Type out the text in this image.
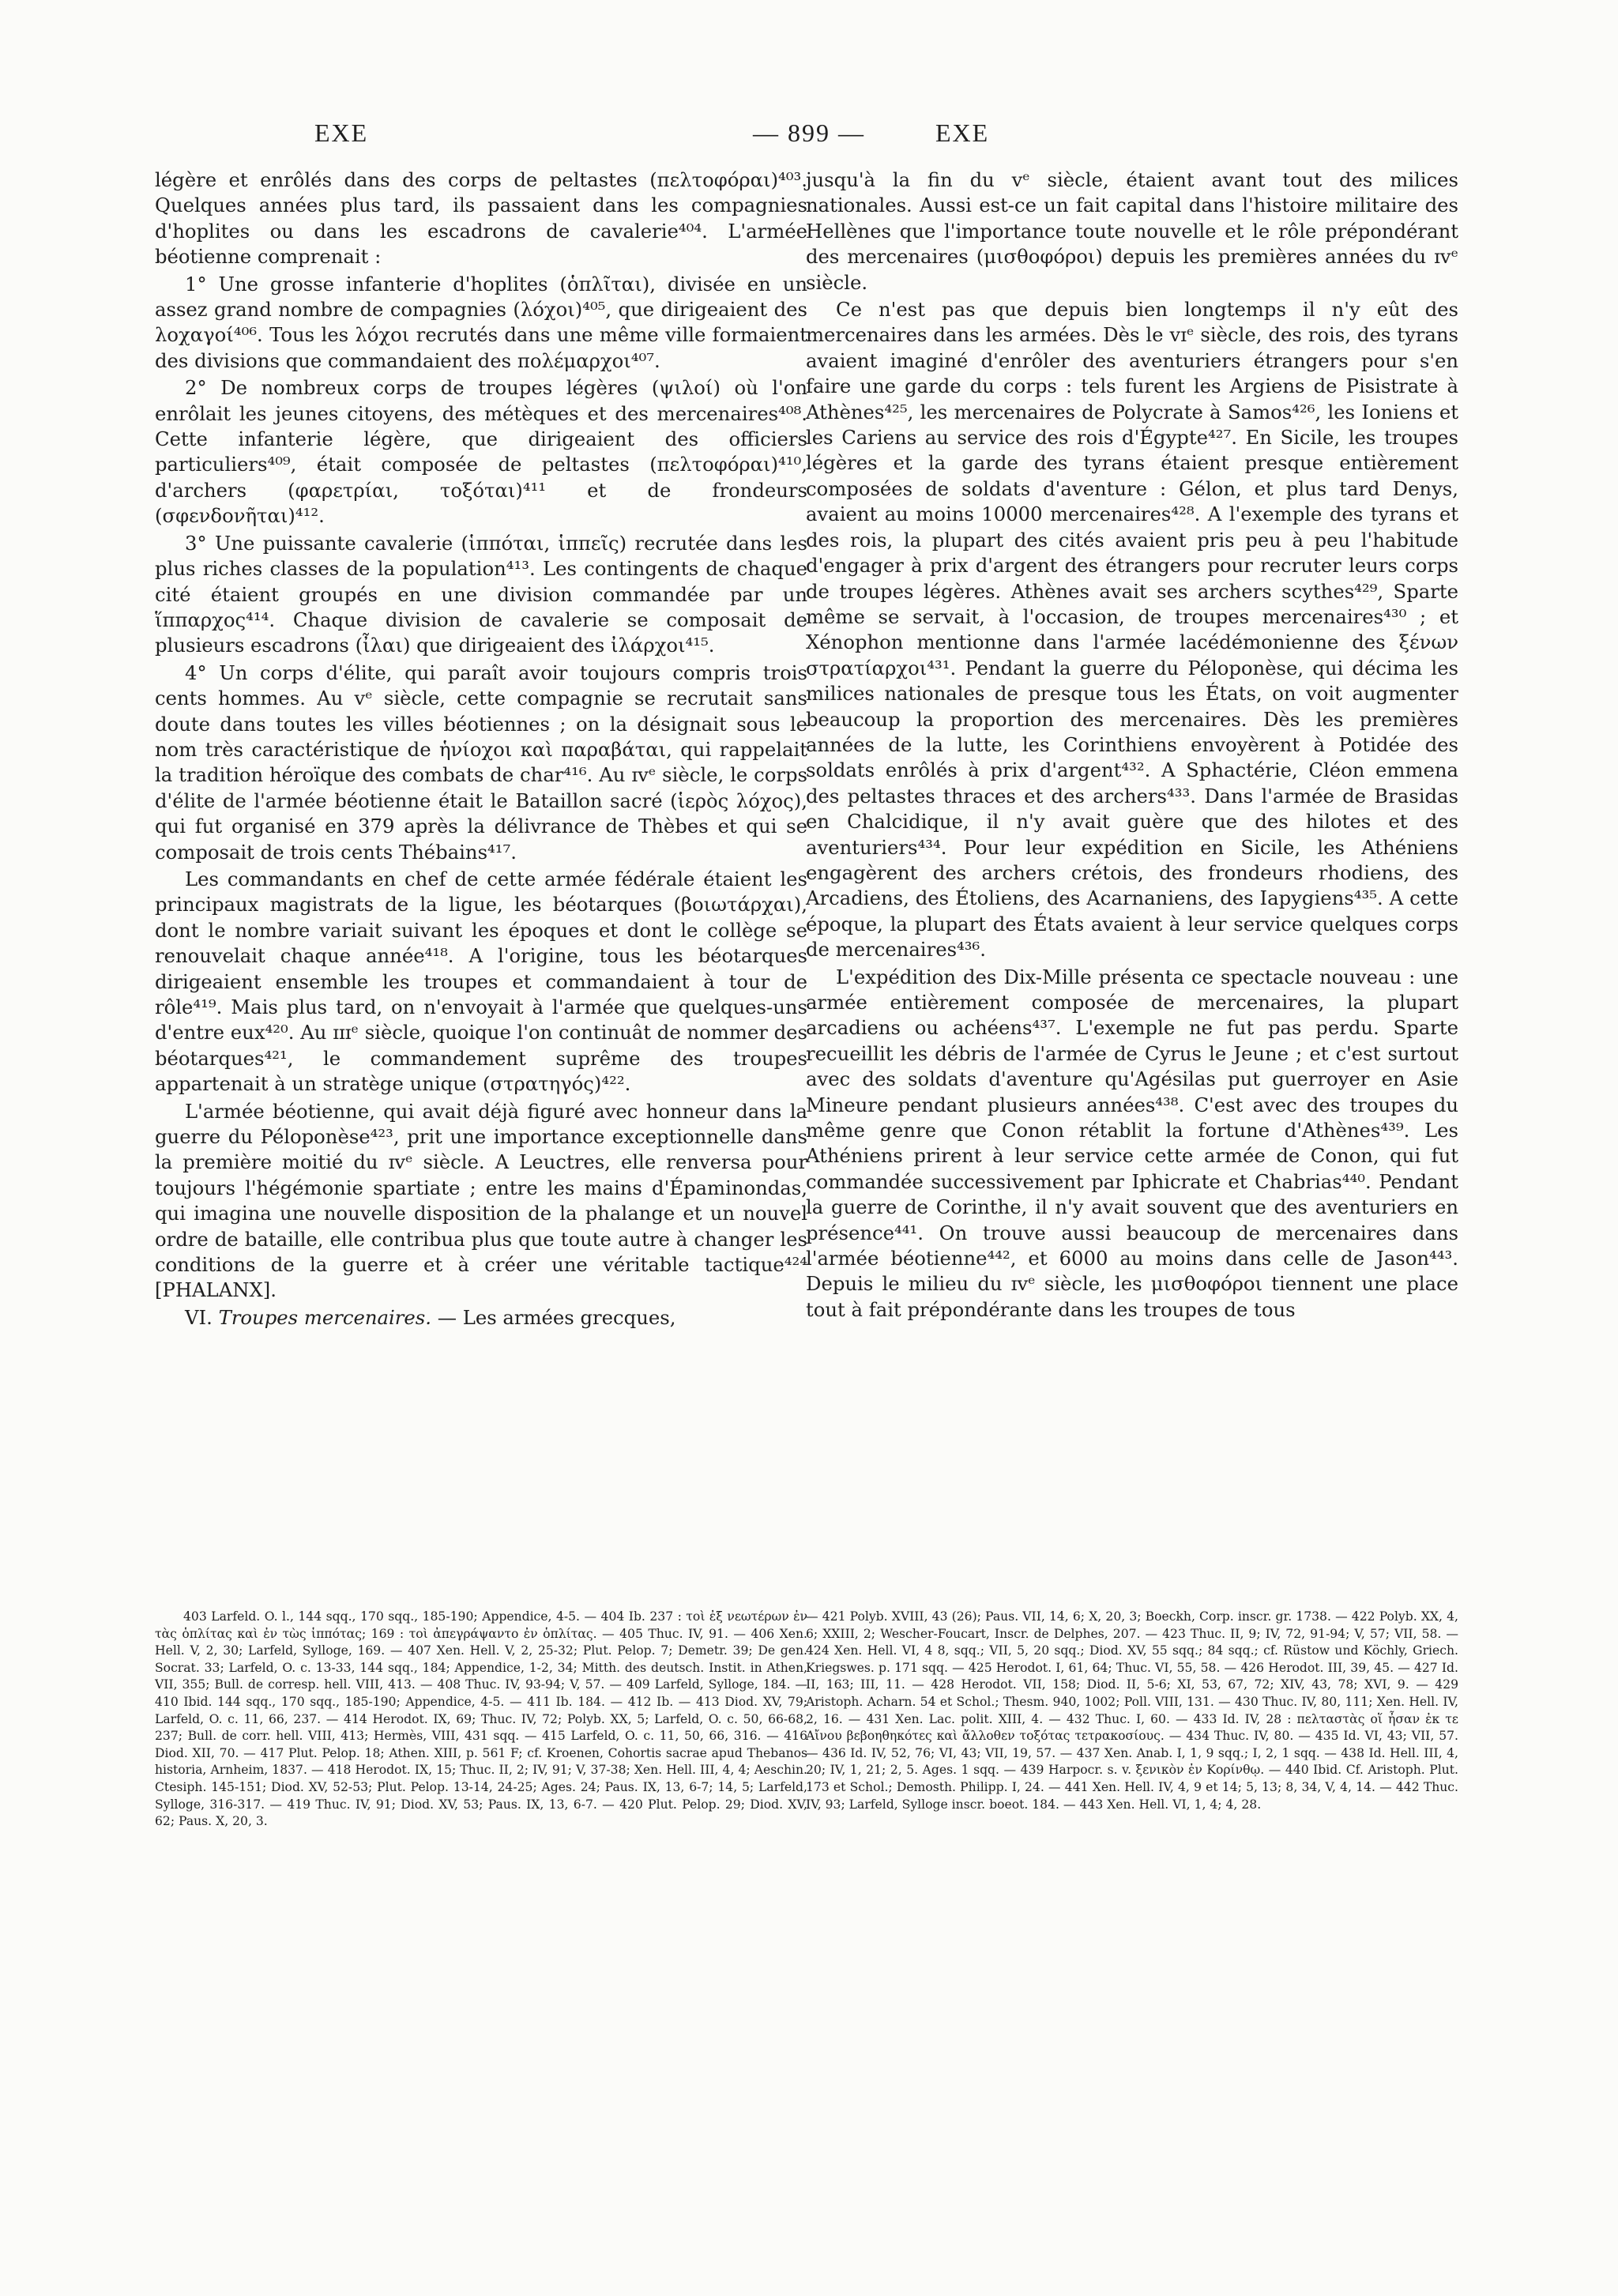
EXE	— 899 —	EXE

légère et enrôlés dans des corps de peltastes (πελτοφόραι)⁴⁰³. Quelques années plus tard, ils passaient dans les compagnies d'hoplites ou dans les escadrons de cavalerie⁴⁰⁴. L'armée béotienne comprenait :

1° Une grosse infanterie d'hoplites (ὁπλῖται), divisée en un assez grand nombre de compagnies (λόχοι)⁴⁰⁵, que dirigeaient des λοχαγοί⁴⁰⁶. Tous les λόχοι recrutés dans une même ville formaient des divisions que commandaient des πολέμαρχοι⁴⁰⁷.

2° De nombreux corps de troupes légères (ψιλοί) où l'on enrôlait les jeunes citoyens, des métèques et des mercenaires⁴⁰⁸. Cette infanterie légère, que dirigeaient des officiers particuliers⁴⁰⁹, était composée de peltastes (πελτοφόραι)⁴¹⁰, d'archers (φαρετρίαι, τοξόται)⁴¹¹ et de frondeurs (σφενδονῆται)⁴¹².

3° Une puissante cavalerie (ἱππόται, ἱππεῖς) recrutée dans les plus riches classes de la population⁴¹³. Les contingents de chaque cité étaient groupés en une division commandée par un ἵππαρχος⁴¹⁴. Chaque division de cavalerie se composait de plusieurs escadrons (ἶλαι) que dirigeaient des ἰλάρχοι⁴¹⁵.

4° Un corps d'élite, qui paraît avoir toujours compris trois cents hommes. Au vᵉ siècle, cette compagnie se recrutait sans doute dans toutes les villes béotiennes ; on la désignait sous le nom très caractéristique de ἡνίοχοι καὶ παραβάται, qui rappelait la tradition héroïque des combats de char⁴¹⁶. Au ɪᴠᵉ siècle, le corps d'élite de l'armée béotienne était le Bataillon sacré (ἱερὸς λόχος), qui fut organisé en 379 après la délivrance de Thèbes et qui se composait de trois cents Thébains⁴¹⁷.

Les commandants en chef de cette armée fédérale étaient les principaux magistrats de la ligue, les béotarques (βοιωτάρχαι), dont le nombre variait suivant les époques et dont le collège se renouvelait chaque année⁴¹⁸. A l'origine, tous les béotarques dirigeaient ensemble les troupes et commandaient à tour de rôle⁴¹⁹. Mais plus tard, on n'envoyait à l'armée que quelques-uns d'entre eux⁴²⁰. Au ɪɪɪᵉ siècle, quoique l'on continuât de nommer des béotarques⁴²¹, le commandement suprême des troupes appartenait à un stratège unique (στρατηγός)⁴²².

L'armée béotienne, qui avait déjà figuré avec honneur dans la guerre du Péloponèse⁴²³, prit une importance exceptionnelle dans la première moitié du ɪᴠᵉ siècle. A Leuctres, elle renversa pour toujours l'hégémonie spartiate ; entre les mains d'Épaminondas, qui imagina une nouvelle disposition de la phalange et un nouvel ordre de bataille, elle contribua plus que toute autre à changer les conditions de la guerre et à créer une véritable tactique⁴²⁴ [PHALANX].

VI. Troupes mercenaires. — Les armées grecques,

jusqu'à la fin du vᵉ siècle, étaient avant tout des milices nationales. Aussi est-ce un fait capital dans l'histoire militaire des Hellènes que l'importance toute nouvelle et le rôle prépondérant des mercenaires (μισθοφόροι) depuis les premières années du ɪᴠᵉ siècle.

Ce n'est pas que depuis bien longtemps il n'y eût des mercenaires dans les armées. Dès le ᴠɪᵉ siècle, des rois, des tyrans avaient imaginé d'enrôler des aventuriers étrangers pour s'en faire une garde du corps : tels furent les Argiens de Pisistrate à Athènes⁴²⁵, les mercenaires de Polycrate à Samos⁴²⁶, les Ioniens et les Cariens au service des rois d'Égypte⁴²⁷. En Sicile, les troupes légères et la garde des tyrans étaient presque entièrement composées de soldats d'aventure : Gélon, et plus tard Denys, avaient au moins 10000 mercenaires⁴²⁸. A l'exemple des tyrans et des rois, la plupart des cités avaient pris peu à peu l'habitude d'engager à prix d'argent des étrangers pour recruter leurs corps de troupes légères. Athènes avait ses archers scythes⁴²⁹, Sparte même se servait, à l'occasion, de troupes mercenaires⁴³⁰ ; et Xénophon mentionne dans l'armée lacédémonienne des ξένων στρατίαρχοι⁴³¹. Pendant la guerre du Péloponèse, qui décima les milices nationales de presque tous les États, on voit augmenter beaucoup la proportion des mercenaires. Dès les premières années de la lutte, les Corinthiens envoyèrent à Potidée des soldats enrôlés à prix d'argent⁴³². A Sphactérie, Cléon emmena des peltastes thraces et des archers⁴³³. Dans l'armée de Brasidas en Chalcidique, il n'y avait guère que des hilotes et des aventuriers⁴³⁴. Pour leur expédition en Sicile, les Athéniens engagèrent des archers crétois, des frondeurs rhodiens, des Arcadiens, des Étoliens, des Acarnaniens, des Iapygiens⁴³⁵. A cette époque, la plupart des États avaient à leur service quelques corps de mercenaires⁴³⁶.

L'expédition des Dix-Mille présenta ce spectacle nouveau : une armée entièrement composée de mercenaires, la plupart arcadiens ou achéens⁴³⁷. L'exemple ne fut pas perdu. Sparte recueillit les débris de l'armée de Cyrus le Jeune ; et c'est surtout avec des soldats d'aventure qu'Agésilas put guerroyer en Asie Mineure pendant plusieurs années⁴³⁸. C'est avec des troupes du même genre que Conon rétablit la fortune d'Athènes⁴³⁹. Les Athéniens prirent à leur service cette armée de Conon, qui fut commandée successivement par Iphicrate et Chabrias⁴⁴⁰. Pendant la guerre de Corinthe, il n'y avait souvent que des aventuriers en présence⁴⁴¹. On trouve aussi beaucoup de mercenaires dans l'armée béotienne⁴⁴², et 6000 au moins dans celle de Jason⁴⁴³. Depuis le milieu du ɪᴠᵉ siècle, les μισθοφόροι tiennent une place tout à fait prépondérante dans les troupes de tous

403 Larfeld. O. l., 144 sqq., 170 sqq., 185-190; Appendice, 4-5. — 404 Ib. 237 : τοὶ ἐξ νεωτέρων ἐν τὰς ὁπλίτας καὶ ἐν τὼς ἱππότας; 169 : τοὶ ἀπεγράψαντο ἐν ὁπλίτας. — 405 Thuc. IV, 91. — 406 Xen. Hell. V, 2, 30; Larfeld, Sylloge, 169. — 407 Xen. Hell. V, 2, 25-32; Plut. Pelop. 7; Demetr. 39; De gen. Socrat. 33; Larfeld, O. c. 13-33, 144 sqq., 184; Appendice, 1-2, 34; Mitth. des deutsch. Instit. in Athen, VII, 355; Bull. de corresp. hell. VIII, 413. — 408 Thuc. IV, 93-94; V, 57. — 409 Larfeld, Sylloge, 184. — 410 Ibid. 144 sqq., 170 sqq., 185-190; Appendice, 4-5. — 411 Ib. 184. — 412 Ib. — 413 Diod. XV, 79; Larfeld, O. c. 11, 66, 237. — 414 Herodot. IX, 69; Thuc. IV, 72; Polyb. XX, 5; Larfeld, O. c. 50, 66-68, 237; Bull. de corr. hell. VIII, 413; Hermès, VIII, 431 sqq. — 415 Larfeld, O. c. 11, 50, 66, 316. — 416 Diod. XII, 70. — 417 Plut. Pelop. 18; Athen. XIII, p. 561 F; cf. Kroenen, Cohortis sacrae apud Thebanos historia, Arnheim, 1837. — 418 Herodot. IX, 15; Thuc. II, 2; IV, 91; V, 37-38; Xen. Hell. III, 4, 4; Aeschin. Ctesiph. 145-151; Diod. XV, 52-53; Plut. Pelop. 13-14, 24-25; Ages. 24; Paus. IX, 13, 6-7; 14, 5; Larfeld, Sylloge, 316-317. — 419 Thuc. IV, 91; Diod. XV, 53; Paus. IX, 13, 6-7. — 420 Plut. Pelop. 29; Diod. XV, 62; Paus. X, 20, 3.

— 421 Polyb. XVIII, 43 (26); Paus. VII, 14, 6; X, 20, 3; Boeckh, Corp. inscr. gr. 1738. — 422 Polyb. XX, 4, 6; XXIII, 2; Wescher-Foucart, Inscr. de Delphes, 207. — 423 Thuc. II, 9; IV, 72, 91-94; V, 57; VII, 58. — 424 Xen. Hell. VI, 4 8, sqq.; VII, 5, 20 sqq.; Diod. XV, 55 sqq.; 84 sqq.; cf. Rüstow und Köchly, Griech. Kriegswes. p. 171 sqq. — 425 Herodot. I, 61, 64; Thuc. VI, 55, 58. — 426 Herodot. III, 39, 45. — 427 Id. II, 163; III, 11. — 428 Herodot. VII, 158; Diod. II, 5-6; XI, 53, 67, 72; XIV, 43, 78; XVI, 9. — 429 Aristoph. Acharn. 54 et Schol.; Thesm. 940, 1002; Poll. VIII, 131. — 430 Thuc. IV, 80, 111; Xen. Hell. IV, 2, 16. — 431 Xen. Lac. polit. XIII, 4. — 432 Thuc. I, 60. — 433 Id. IV, 28 : πελταστὰς οἵ ἦσαν ἐκ τε Αἴνου βεβοηθηκότες καὶ ἄλλοθεν τοξότας τετρακοσίους. — 434 Thuc. IV, 80. — 435 Id. VI, 43; VII, 57. — 436 Id. IV, 52, 76; VI, 43; VII, 19, 57. — 437 Xen. Anab. I, 1, 9 sqq.; I, 2, 1 sqq. — 438 Id. Hell. III, 4, 20; IV, 1, 21; 2, 5. Ages. 1 sqq. — 439 Harpocr. s. v. ξενικὸν ἐν Κορίνθῳ. — 440 Ibid. Cf. Aristoph. Plut. 173 et Schol.; Demosth. Philipp. I, 24. — 441 Xen. Hell. IV, 4, 9 et 14; 5, 13; 8, 34, V, 4, 14. — 442 Thuc. IV, 93; Larfeld, Sylloge inscr. boeot. 184. — 443 Xen. Hell. VI, 1, 4; 4, 28.
